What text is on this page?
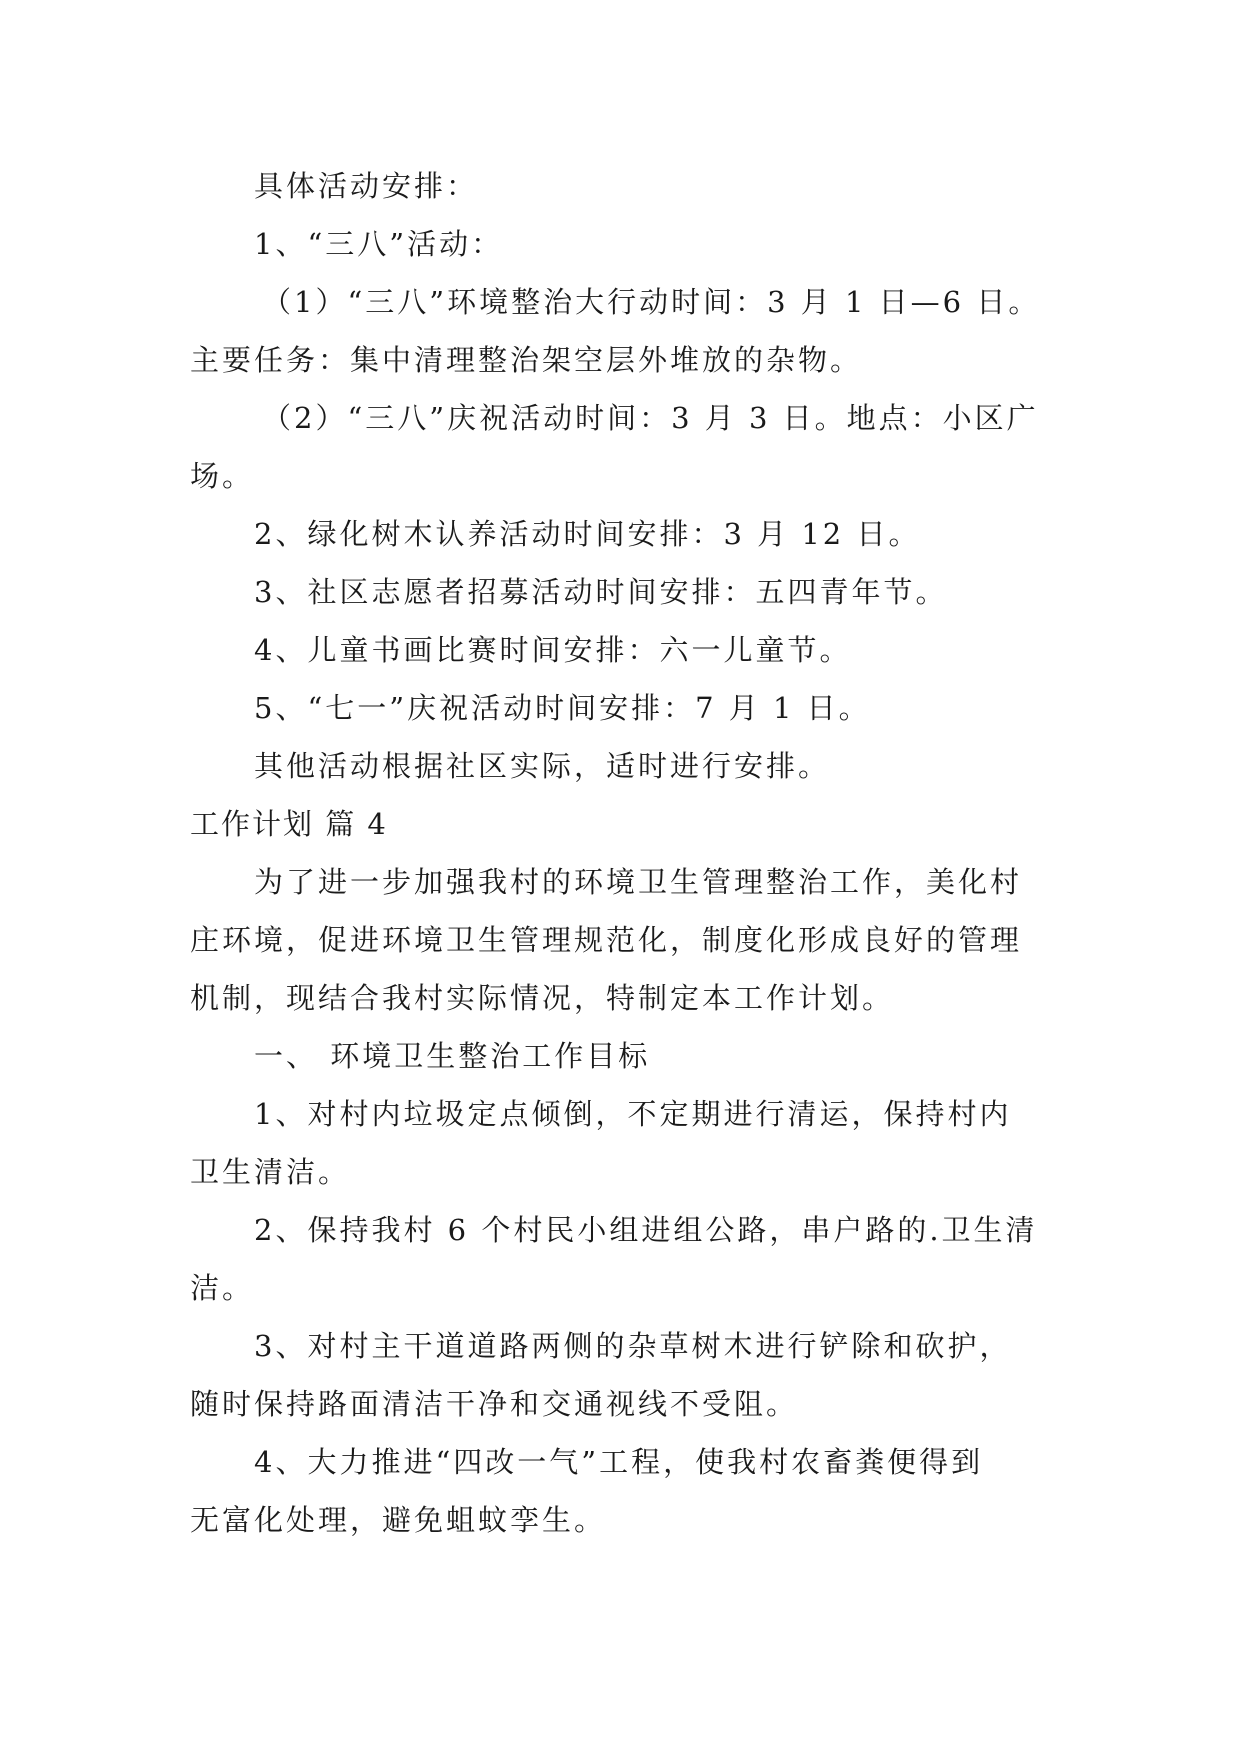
具体活动安排：
1、“三八”活动：
（1）“三八”环境整治大行动时间：3 月 1 日—6 日。
主要任务：集中清理整治架空层外堆放的杂物。
（2）“三八”庆祝活动时间：3 月 3 日。地点：小区广
场。
2、绿化树木认养活动时间安排：3 月 12 日。
3、社区志愿者招募活动时间安排：五四青年节。
4、儿童书画比赛时间安排：六一儿童节。
5、“七一”庆祝活动时间安排：7 月 1 日。
其他活动根据社区实际，适时进行安排。
工作计划 篇 4
为了进一步加强我村的环境卫生管理整治工作，美化村
庄环境，促进环境卫生管理规范化，制度化形成良好的管理
机制，现结合我村实际情况，特制定本工作计划。
一、 环境卫生整治工作目标
1、对村内垃圾定点倾倒，不定期进行清运，保持村内
卫生清洁。
2、保持我村 6 个村民小组进组公路，串户路的.卫生清
洁。
3、对村主干道道路两侧的杂草树木进行铲除和砍护，
随时保持路面清洁干净和交通视线不受阻。
4、大力推进“四改一气”工程，使我村农畜粪便得到
无富化处理，避免蛆蚊孪生。
